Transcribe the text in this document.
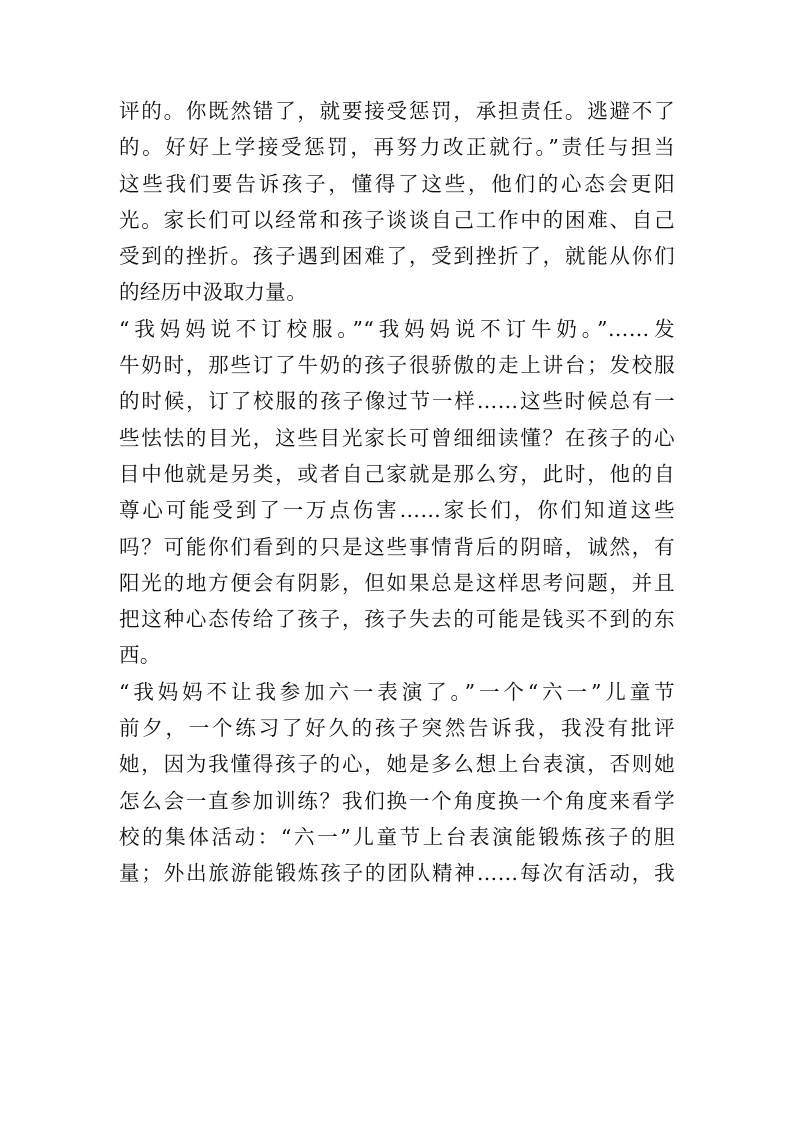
评的。你既然错了，就要接受惩罚，承担责任。逃避不了
的。好好上学接受惩罚，再努力改正就行。”责任与担当
这些我们要告诉孩子，懂得了这些，他们的心态会更阳
光。家长们可以经常和孩子谈谈自己工作中的困难、自己
受到的挫折。孩子遇到困难了，受到挫折了，就能从你们
的经历中汲取力量。
“我妈妈说不订校服。”“我妈妈说不订牛奶。”……发
牛奶时，那些订了牛奶的孩子很骄傲的走上讲台；发校服
的时候，订了校服的孩子像过节一样……这些时候总有一
些怯怯的目光，这些目光家长可曾细细读懂？在孩子的心
目中他就是另类，或者自己家就是那么穷，此时，他的自
尊心可能受到了一万点伤害……家长们，你们知道这些
吗？可能你们看到的只是这些事情背后的阴暗，诚然，有
阳光的地方便会有阴影，但如果总是这样思考问题，并且
把这种心态传给了孩子，孩子失去的可能是钱买不到的东
西。
“我妈妈不让我参加六一表演了。”一个“六一”儿童节
前夕，一个练习了好久的孩子突然告诉我，我没有批评
她，因为我懂得孩子的心，她是多么想上台表演，否则她
怎么会一直参加训练？我们换一个角度换一个角度来看学
校的集体活动：“六一”儿童节上台表演能锻炼孩子的胆
量；外出旅游能锻炼孩子的团队精神……每次有活动，我
